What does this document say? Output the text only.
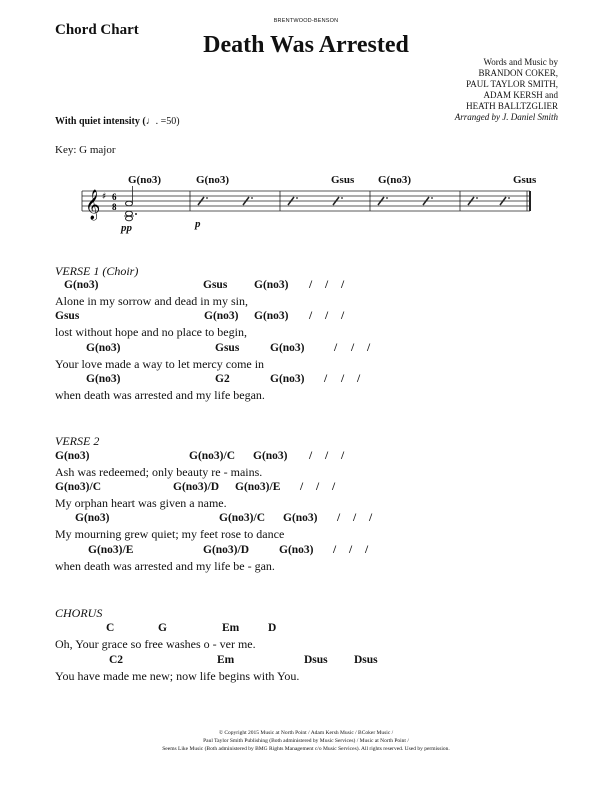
Chord Chart
BRENTWOOD-BENSON
Death Was Arrested
Words and Music by
BRANDON COKER,
PAUL TAYLOR SMITH,
ADAM KERSH and
HEATH BALLTZGLIER
Arranged by J. Daniel Smith
With quiet intensity (♩. =50)
Key: G major
G(no3)	G(no3)	Gsus G(no3)	Gsus
𝄞 ♯ 6
8
pp	p
VERSE 1 (Choir)
G(no3)	Gsus G(no3) / / /
Alone in my sorrow and dead in my sin,
Gsus	G(no3) G(no3) / / /
lost without hope and no place to begin,
G(no3)	Gsus	G(no3)	/ / /
Your love made a way to let mercy come in
G(no3)	G2	G(no3) / / /
when death was arrested and my life began.
VERSE 2
G(no3)	G(no3)/C G(no3) / / /
Ash was redeemed; only beauty re - mains.
G(no3)/C	G(no3)/D G(no3)/E / / /
My orphan heart was given a name.
G(no3)	G(no3)/C G(no3) / / /
My mourning grew quiet; my feet rose to dance
G(no3)/E	G(no3)/D	G(no3) / / /
when death was arrested and my life be - gan.
CHORUS
C	G	Em	D
Oh, Your grace so free washes o - ver me.
C2	Em	Dsus Dsus
You have made me new; now life begins with You.
© Copyright 2015 Music at North Point / Adam Kersh Music / BCoker Music /
Paul Taylor Smith Publishing (Both administered by Music Services) / Music at North Point /
Seems Like Music (Both administered by BMG Rights Management c/o Music Services). All rights reserved. Used by permission.
